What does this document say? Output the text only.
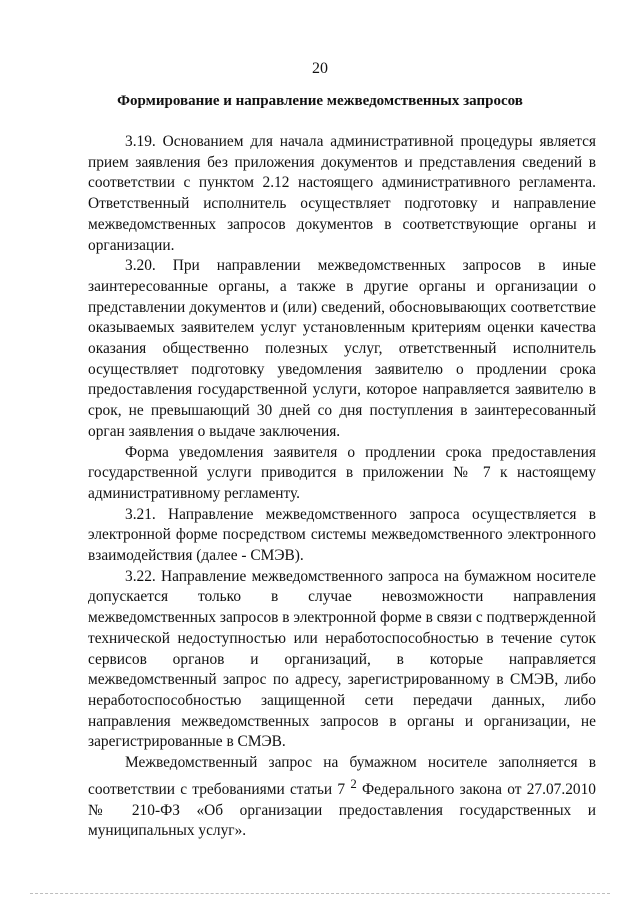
20
Формирование и направление межведомственных запросов

3.19. Основанием для начала административной процедуры является прием заявления без приложения документов и представления сведений в соответствии с пунктом 2.12 настоящего административного регламента. Ответственный исполнитель осуществляет подготовку и направление межведомственных запросов документов в соответствующие органы и организации.

3.20. При направлении межведомственных запросов в иные заинтересованные органы, а также в другие органы и организации о представлении документов и (или) сведений, обосновывающих соответствие оказываемых заявителем услуг установленным критериям оценки качества оказания общественно полезных услуг, ответственный исполнитель осуществляет подготовку уведомления заявителю о продлении срока предоставления государственной услуги, которое направляется заявителю в срок, не превышающий 30 дней со дня поступления в заинтересованный орган заявления о выдаче заключения.

Форма уведомления заявителя о продлении срока предоставления государственной услуги приводится в приложении № 7 к настоящему административному регламенту.

3.21. Направление межведомственного запроса осуществляется в электронной форме посредством системы межведомственного электронного взаимодействия (далее - СМЭВ).

3.22. Направление межведомственного запроса на бумажном носителе допускается только в случае невозможности направления межведомственных запросов в электронной форме в связи с подтвержденной технической недоступностью или неработоспособностью в течение суток сервисов органов и организаций, в которые направляется межведомственный запрос по адресу, зарегистрированному в СМЭВ, либо неработоспособностью защищенной сети передачи данных, либо направления межведомственных запросов в органы и организации, не зарегистрированные в СМЭВ.

Межведомственный запрос на бумажном носителе заполняется в соответствии с требованиями статьи 7 $^2$ Федерального закона от 27.07.2010 № 210-ФЗ «Об организации предоставления государственных и муниципальных услуг».
